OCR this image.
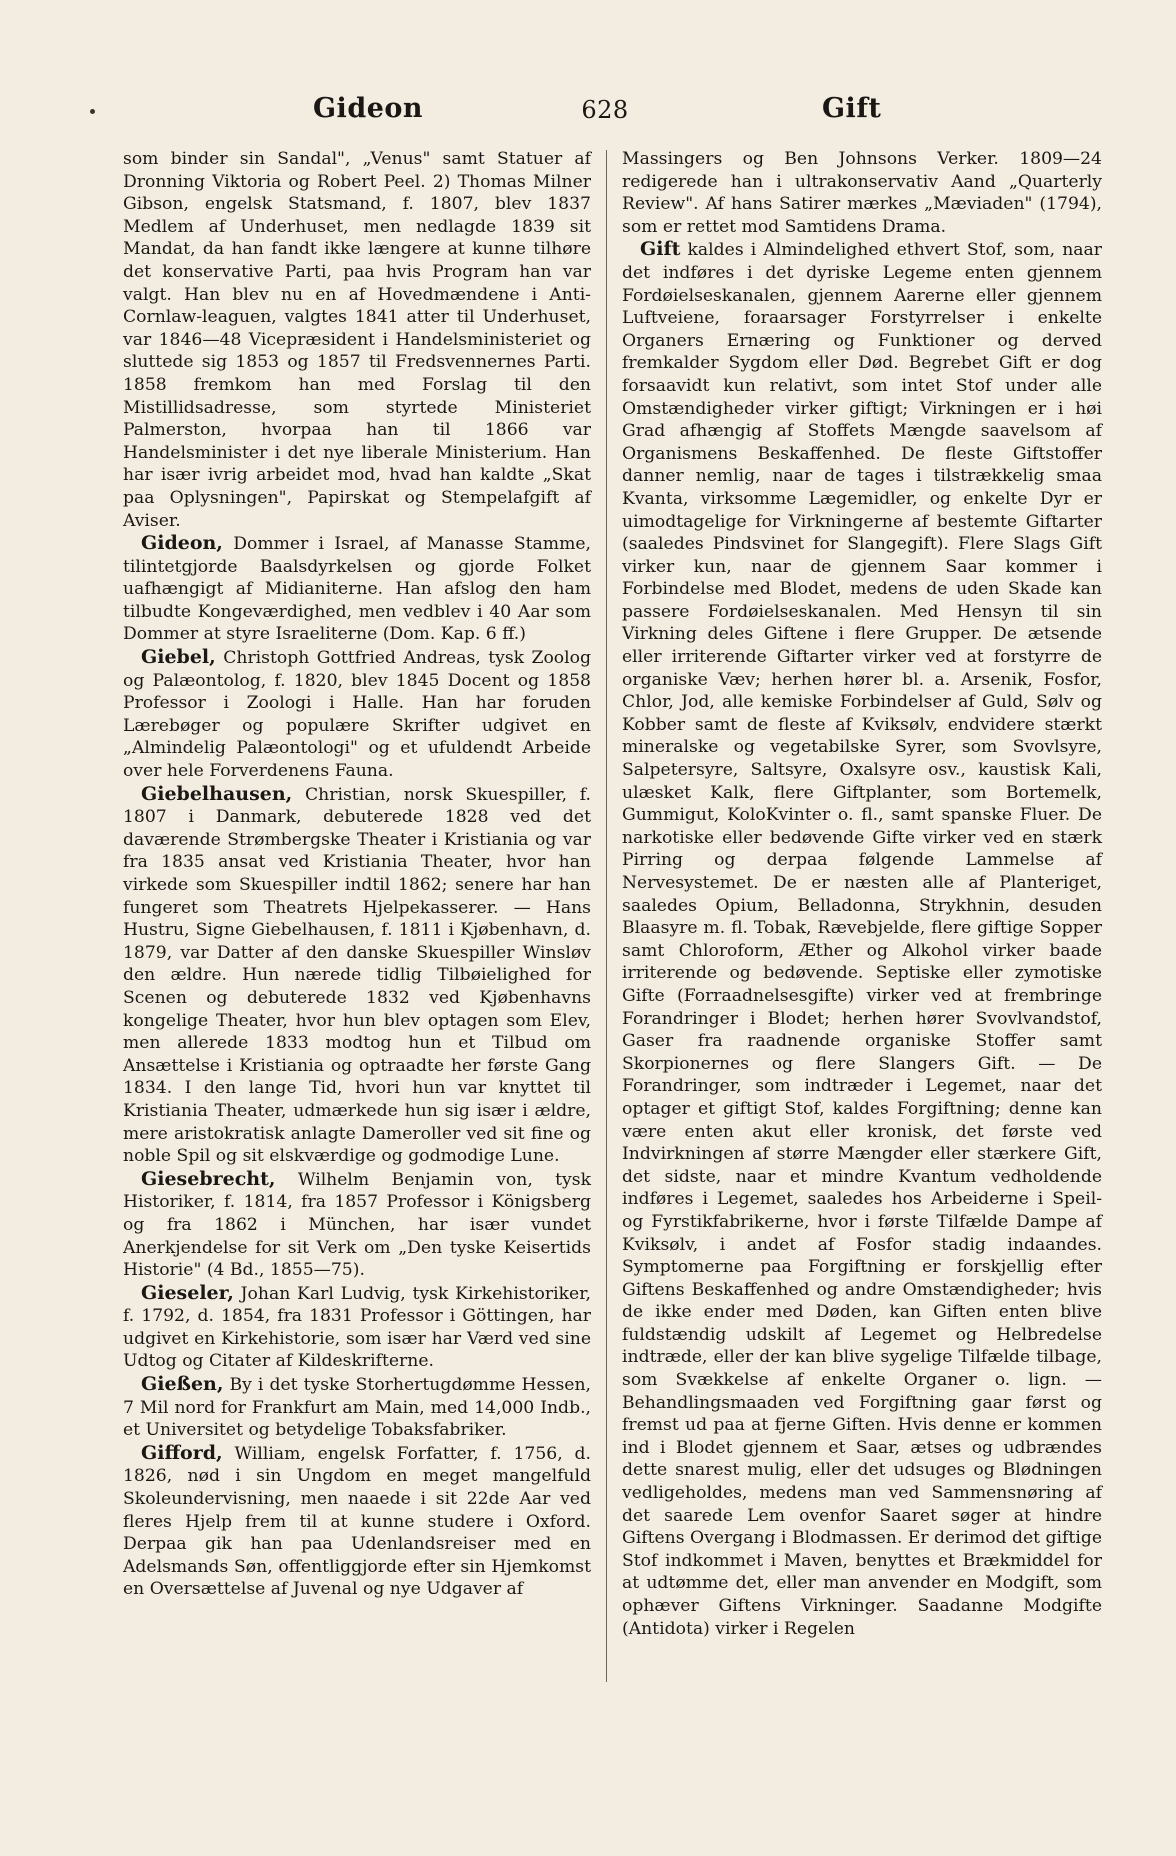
Gideon	628	Gift

som binder sin Sandal", „Venus" samt Statuer af Dronning Viktoria og Robert Peel. 2) Thomas Milner Gibson, engelsk Statsmand, f. 1807, blev 1837 Medlem af Underhuset, men nedlagde 1839 sit Mandat, da han fandt ikke længere at kunne tilhøre det konservative Parti, paa hvis Program han var valgt. Han blev nu en af Hovedmændene i Anti-Cornlaw-leaguen, valgtes 1841 atter til Underhuset, var 1846—48 Vicepræsident i Handelsministeriet og sluttede sig 1853 og 1857 til Fredsvennernes Parti. 1858 fremkom han med Forslag til den Mistillidsadresse, som styrtede Ministeriet Palmerston, hvorpaa han til 1866 var Handelsminister i det nye liberale Ministerium. Han har især ivrig arbeidet mod, hvad han kaldte „Skat paa Oplysningen", Papirskat og Stempelafgift af Aviser.

Gideon, Dommer i Israel, af Manasse Stamme, tilintetgjorde Baalsdyrkelsen og gjorde Folket uafhængigt af Midianiterne. Han afslog den ham tilbudte Kongeværdighed, men vedblev i 40 Aar som Dommer at styre Israeliterne (Dom. Kap. 6 ff.)

Giebel, Christoph Gottfried Andreas, tysk Zoolog og Palæontolog, f. 1820, blev 1845 Docent og 1858 Professor i Zoologi i Halle. Han har foruden Lærebøger og populære Skrifter udgivet en „Almindelig Palæontologi" og et ufuldendt Arbeide over hele Forverdenens Fauna.

Giebelhausen, Christian, norsk Skuespiller, f. 1807 i Danmark, debuterede 1828 ved det daværende Strømbergske Theater i Kristiania og var fra 1835 ansat ved Kristiania Theater, hvor han virkede som Skuespiller indtil 1862; senere har han fungeret som Theatrets Hjelpekasserer. — Hans Hustru, Signe Giebelhausen, f. 1811 i Kjøbenhavn, d. 1879, var Datter af den danske Skuespiller Winsløv den ældre. Hun nærede tidlig Tilbøielighed for Scenen og debuterede 1832 ved Kjøbenhavns kongelige Theater, hvor hun blev optagen som Elev, men allerede 1833 modtog hun et Tilbud om Ansættelse i Kristiania og optraadte her første Gang 1834. I den lange Tid, hvori hun var knyttet til Kristiania Theater, udmærkede hun sig især i ældre, mere aristokratisk anlagte Dameroller ved sit fine og noble Spil og sit elskværdige og godmodige Lune.

Giesebrecht, Wilhelm Benjamin von, tysk Historiker, f. 1814, fra 1857 Professor i Königsberg og fra 1862 i München, har især vundet Anerkjendelse for sit Verk om „Den tyske Keisertids Historie" (4 Bd., 1855—75).

Gieseler, Johan Karl Ludvig, tysk Kirkehistoriker, f. 1792, d. 1854, fra 1831 Professor i Göttingen, har udgivet en Kirkehistorie, som især har Værd ved sine Udtog og Citater af Kildeskrifterne.

Gießen, By i det tyske Storhertugdømme Hessen, 7 Mil nord for Frankfurt am Main, med 14,000 Indb., et Universitet og betydelige Tobaksfabriker.

Gifford, William, engelsk Forfatter, f. 1756, d. 1826, nød i sin Ungdom en meget mangelfuld Skoleundervisning, men naaede i sit 22de Aar ved fleres Hjelp frem til at kunne studere i Oxford. Derpaa gik han paa Udenlandsreiser med en Adelsmands Søn, offentliggjorde efter sin Hjemkomst en Oversættelse af Juvenal og nye Udgaver af

Massingers og Ben Johnsons Verker. 1809—24 redigerede han i ultrakonservativ Aand „Quarterly Review". Af hans Satirer mærkes „Mæviaden" (1794), som er rettet mod Samtidens Drama.

Gift kaldes i Almindelighed ethvert Stof, som, naar det indføres i det dyriske Legeme enten gjennem Fordøielseskanalen, gjennem Aarerne eller gjennem Luftveiene, foraarsager Forstyrrelser i enkelte Organers Ernæring og Funktioner og derved fremkalder Sygdom eller Død. Begrebet Gift er dog forsaavidt kun relativt, som intet Stof under alle Omstændigheder virker giftigt; Virkningen er i høi Grad afhængig af Stoffets Mængde saavelsom af Organismens Beskaffenhed. De fleste Giftstoffer danner nemlig, naar de tages i tilstrækkelig smaa Kvanta, virksomme Lægemidler, og enkelte Dyr er uimodtagelige for Virkningerne af bestemte Giftarter (saaledes Pindsvinet for Slangegift). Flere Slags Gift virker kun, naar de gjennem Saar kommer i Forbindelse med Blodet, medens de uden Skade kan passere Fordøielseskanalen. Med Hensyn til sin Virkning deles Giftene i flere Grupper. De ætsende eller irriterende Giftarter virker ved at forstyrre de organiske Væv; herhen hører bl. a. Arsenik, Fosfor, Chlor, Jod, alle kemiske Forbindelser af Guld, Sølv og Kobber samt de fleste af Kviksølv, endvidere stærkt mineralske og vegetabilske Syrer, som Svovlsyre, Salpetersyre, Saltsyre, Oxalsyre osv., kaustisk Kali, ulæsket Kalk, flere Giftplanter, som Bortemelk, Gummigut, KoloKvinter o. fl., samt spanske Fluer. De narkotiske eller bedøvende Gifte virker ved en stærk Pirring og derpaa følgende Lammelse af Nervesystemet. De er næsten alle af Planteriget, saaledes Opium, Belladonna, Strykhnin, desuden Blaasyre m. fl. Tobak, Rævebjelde, flere giftige Sopper samt Chloroform, Æther og Alkohol virker baade irriterende og bedøvende. Septiske eller zymotiske Gifte (Forraadnelsesgifte) virker ved at frembringe Forandringer i Blodet; herhen hører Svovlvandstof, Gaser fra raadnende organiske Stoffer samt Skorpionernes og flere Slangers Gift. — De Forandringer, som indtræder i Legemet, naar det optager et giftigt Stof, kaldes Forgiftning; denne kan være enten akut eller kronisk, det første ved Indvirkningen af større Mængder eller stærkere Gift, det sidste, naar et mindre Kvantum vedholdende indføres i Legemet, saaledes hos Arbeiderne i Speil- og Fyrstikfabrikerne, hvor i første Tilfælde Dampe af Kviksølv, i andet af Fosfor stadig indaandes. Symptomerne paa Forgiftning er forskjellig efter Giftens Beskaffenhed og andre Omstændigheder; hvis de ikke ender med Døden, kan Giften enten blive fuldstændig udskilt af Legemet og Helbredelse indtræde, eller der kan blive sygelige Tilfælde tilbage, som Svækkelse af enkelte Organer o. lign. — Behandlingsmaaden ved Forgiftning gaar først og fremst ud paa at fjerne Giften. Hvis denne er kommen ind i Blodet gjennem et Saar, ætses og udbrændes dette snarest mulig, eller det udsuges og Blødningen vedligeholdes, medens man ved Sammensnøring af det saarede Lem ovenfor Saaret søger at hindre Giftens Overgang i Blodmassen. Er derimod det giftige Stof indkommet i Maven, benyttes et Brækmiddel for at udtømme det, eller man anvender en Modgift, som ophæver Giftens Virkninger. Saadanne Modgifte (Antidota) virker i Regelen
